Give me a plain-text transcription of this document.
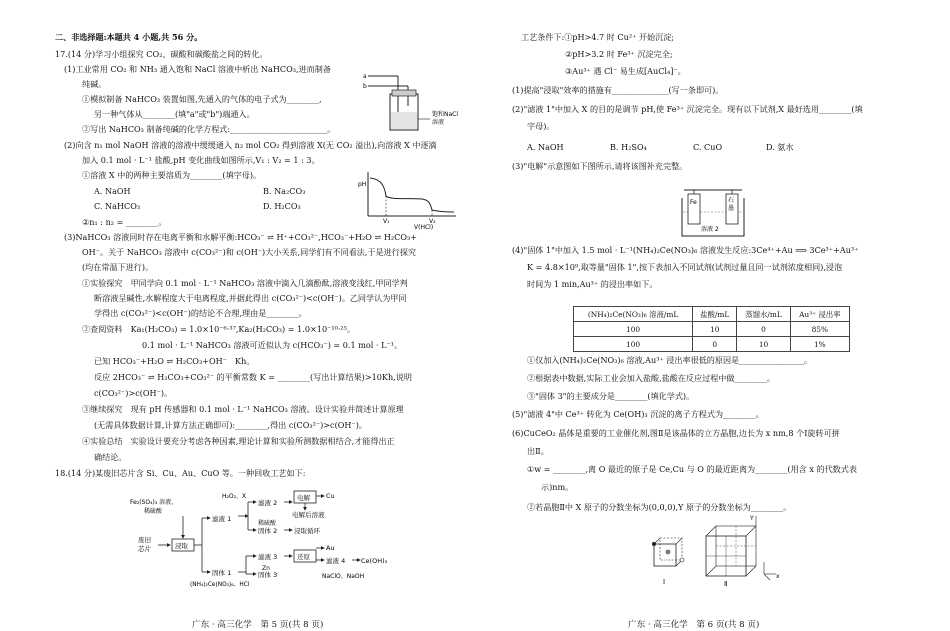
二、非选择题:本题共 4 小题,共 56 分。
17.(14 分)学习小组探究 CO₂、碳酸和碳酸盐之间的转化。
(1)工业常用 CO₂ 和 NH₃ 通入饱和 NaCl 溶液中析出 NaHCO₃,进而制备
纯碱。
①模拟制备 NaHCO₃ 装置如图,先通入的气体的电子式为________,
另一种气体从________(填"a"或"b")端通入。
②写出 NaHCO₃ 制备纯碱的化学方程式:________________________。
(2)向含 n₁ mol NaOH 溶液的溶液中缓缓通入 n₂ mol CO₂ 得到溶液 X(无 CO₂ 溢出),向溶液 X 中逐滴
加入 0.1 mol · L⁻¹ 盐酸,pH 变化曲线如图所示,V₁ : V₂ = 1 : 3。
①溶液 X 中的两种主要溶质为________(填字母)。
A. NaOH	B. Na₂CO₃
C. NaHCO₃	D. H₂CO₃
②n₁ : n₂ = ________。
(3)NaHCO₃ 溶液同时存在电离平衡和水解平衡:HCO₃⁻ ⇌ H⁺+CO₃²⁻,HCO₃⁻+H₂O ⇌ H₂CO₃+
OH⁻。关于 NaHCO₃ 溶液中 c(CO₃²⁻)和 c(OH⁻)大小关系,同学们有不同看法,于是进行探究
(均在常温下进行)。
①实验探究　甲同学向 0.1 mol · L⁻¹ NaHCO₃ 溶液中滴入几滴酚酞,溶液变浅红,甲同学判
断溶液呈碱性,水解程度大于电离程度,并据此得出 c(CO₃²⁻)<c(OH⁻)。乙同学认为甲同
学得出 c(CO₃²⁻)<c(OH⁻)的结论不合理,理由是________。
②查阅资料　Ka₁(H₂CO₃) = 1.0×10⁻⁶·³⁷,Ka₂(H₂CO₃) = 1.0×10⁻¹⁰·²⁵。
0.1 mol · L⁻¹ NaHCO₃ 溶液可近似认为 c(HCO₃⁻) = 0.1 mol · L⁻¹。
已知 HCO₃⁻+H₂O ⇌ H₂CO₃+OH⁻　Kh。
反应 2HCO₃⁻ ⇌ H₂CO₃+CO₃²⁻ 的平衡常数 K = ________(写出计算结果)>10Kh,说明
c(CO₃²⁻)>c(OH⁻)。
③继续探究　现有 pH 传感器和 0.1 mol · L⁻¹ NaHCO₃ 溶液。设计实验并简述计算原理
(无需具体数据计算,计算方法正确即可):________,得出 c(CO₃²⁻)>c(OH⁻)。
④实验总结　实验设计要充分考虑各种因素,理论计算和实验所测数据相结合,才能得出正
确结论。
18.(14 分)某废旧芯片含 Si、Cu、Au、CuO 等。一种回收工艺如下:
工艺条件下:①pH>4.7 时 Cu²⁺ 开始沉淀;
②pH>3.2 时 Fe³⁺ 沉淀完全;
③Au³⁺ 遇 Cl⁻ 易生成[AuCl₄]⁻。
(1)提高"浸取"效率的措施有______________(写一条即可)。
(2)"滤液 1"中加入 X 的目的是调节 pH,使 Fe³⁺ 沉淀完全。现有以下试剂,X 最好选用________(填
字母)。
A. NaOH	B. H₂SO₄	C. CuO	D. 氨水
(3)"电解"示意图如下图所示,请将该图补充完整。
(4)"固体 1"中加入 1.5 mol · L⁻¹(NH₄)₂Ce(NO₃)₆ 溶液发生反应:3Ce⁴⁺+Au ⟹ 3Ce³⁺+Au³⁺
K = 4.8×10⁹,取等量"固体 1",按下表加入不同试剂(试剂过量且同一试剂浓度相同),浸泡
时间为 1 min,Au³⁺ 的浸出率如下。
①仅加入(NH₄)₂Ce(NO₃)₆ 溶液,Au³⁺ 浸出率很低的原因是________________。
②根据表中数据,实际工业会加入盐酸,盐酸在反应过程中做________。
③"固体 3"的主要成分是________(填化学式)。
(5)"滤液 4"中 Ce³⁺ 转化为 Ce(OH)₃ 沉淀的离子方程式为________。
(6)CuCeO₂ 晶体是重要的工业催化剂,图Ⅱ是该晶体的立方晶胞,边长为 x nm,8 个Ⅰ旋转可拼
出Ⅱ。
①w = ________,离 O 最近的原子是 Ce,Cu 与 O 的最近距离为________(用含 x 的代数式表
示)nm。
②若晶胞Ⅱ中 X 原子的分数坐标为(0,0,0),Y 原子的分数坐标为________。
广东 · 高三化学　第 5 页(共 8 页)	广东 · 高三化学　第 6 页(共 8 页)
a
b
饱和 NaCl
溶液
pH
V₁	V₂
V(HCl)
废旧
芯片	浸取
Fe₂(SO₄)₃ 溶液、
稀硫酸
滤液 1
H₂O₂、X
滤液 2
电解 Cu
电解后溶液
稀硫酸
固体 2	浸取循环
固体 1
(NH₄)₂Ce(NO₃)₆、HCl
滤液 3
Zn
固体 3
还原
Au
滤液 4 Ce(OH)₃
NaClO、NaOH
Fe	石
墨
溶液 2
Ⅰ	Ⅱ
x
Y
(NH₄)₂Ce(NO₃)₆ 溶液/mL	盐酸/mL	蒸馏水/mL	Au³⁺ 浸出率
100	10	0	85%
100	0	10	1%
